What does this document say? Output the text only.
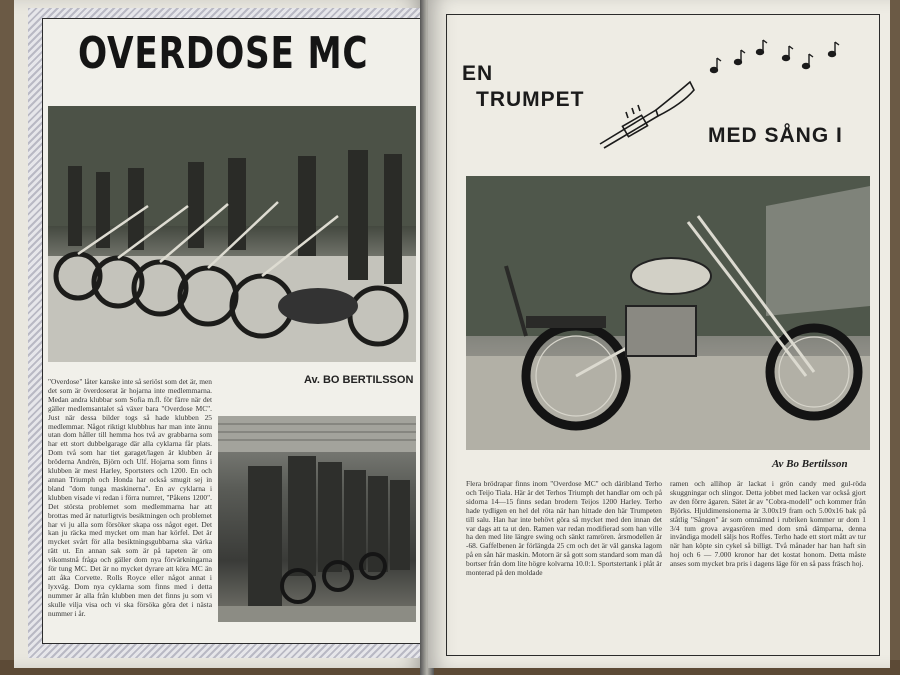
OVERDOSE MC
Av. BO BERTILSSON
"Overdose" låter kanske inte så seriöst som det är, men det som är överdoserat är hojarna inte medlemmarna. Medan andra klubbar som Sofia m.fl. för färre när det gäller medlemsantalet så växer bara "Overdose MC". Just när dessa bilder togs så hade klubben 25 medlemmar. Något riktigt klubbhus har man inte ännu utan dom håller till hemma hos två av grabbarna som har ett stort dubbelgarage där alla cyklarna får plats. Dom två som har tiet garaget/lagen är klubben är bröderna Andrén, Björn och Ulf. Hojarna som finns i klubben är mest Harley, Sportsters och 1200. En och annan Triumph och Honda har också smugit sej in bland "dom tunga maskinerna". En av cyklarna i klubben visade vi redan i förra numret, "Påkens 1200". Det största problemet som medlemmarna har att brottas med är naturligtvis besiktningen och problemet har vi ju alla som försöker skapa oss något eget. Det kan ju räcka med mycket om man har körfel. Det är mycket svårt för alla besiktningsgubbarna ska värka rätt ut. En annan sak som är på tapeten är om vikomstnå fråga och gäller dom nya förvärkningarna för tung MC. Det är no mycket dyrare att köra MC än att åka Corvette. Rolls Royce eller något annat i lyxväg. Dom nya cyklarna som finns med i detta nummer är alla från klubben men det finns ju som vi skulle vilja visa och vi ska försöka göra det i nästa nummer i år.
EN
TRUMPET
MED SÅNG I
Av Bo Bertilsson
Flera brödrapar finns inom "Overdose MC" och däribland Terho och Teijo Tiala. Här är det Terhos Triumph det handlar om och på sidorna 14—15 finns sedan brodern Teijos 1200 Harley. Terho hade tydligen en hel del röta när han hittade den här Trumpeten till salu. Han har inte behövt göra så mycket med den innan det var dags att ta ut den. Ramen var redan modifierad som han ville ha den med lite längre swing och sänkt ramrören. årsmodellen är -68. Gaffelbenen är förlängda 25 cm och det är väl ganska lagom på en sån här maskin. Motorn är så gott som standard som man då bortser från dom lite högre kolvarna 10.0:1. Sportstertank i plåt är monterad på den moldade
ramen och allihop är lackat i grön candy med gul-röda skuggningar och slingor. Detta jobbet med lacken var också gjort av den förre ägaren. Sätet är av "Cobra-modell" och kommer från Björks. Hjuldimensionerna är 3.00x19 fram och 5.00x16 bak på ståtlig "Sången" är som omnämnd i rubriken kommer ur dom 1 3/4 tum grova avgasrören med dom små dämparna, denna invändiga modell säljs hos Roffes. Terho hade ett stort mått av tur när han köpte sin cykel så billigt. Två månader har han haft sin hoj och 6 — 7.000 kronor har det kostat honom. Detta måste anses som mycket bra pris i dagens läge för en så pass fräsch hoj.
